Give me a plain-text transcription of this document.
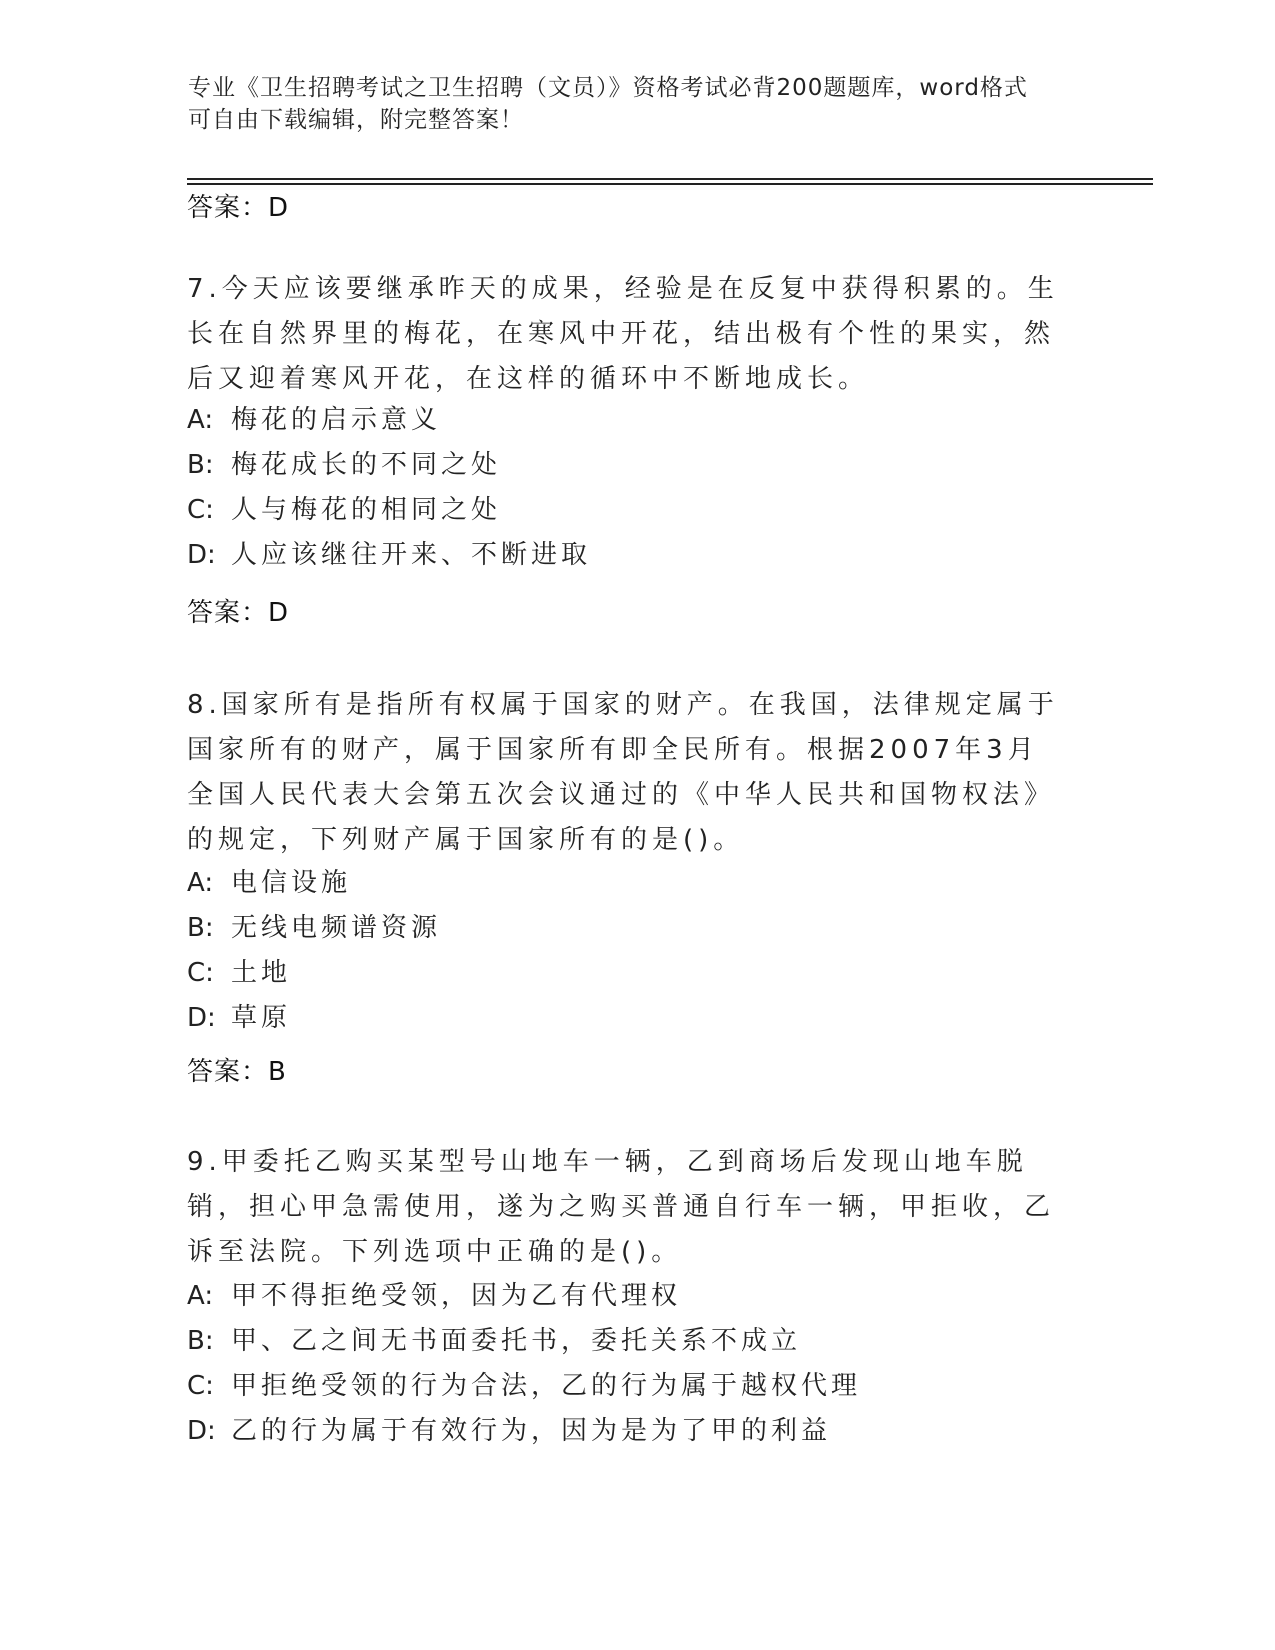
专业《卫生招聘考试之卫生招聘（文员）》资格考试必背200题题库，word格式
可自由下载编辑，附完整答案！
答案：D
7.今天应该要继承昨天的成果，经验是在反复中获得积累的。生长在自然界里的梅花，在寒风中开花，结出极有个性的果实，然后又迎着寒风开花，在这样的循环中不断地成长。
A: 梅花的启示意义
B: 梅花成长的不同之处
C: 人与梅花的相同之处
D: 人应该继往开来、不断进取
答案：D
8.国家所有是指所有权属于国家的财产。在我国，法律规定属于国家所有的财产，属于国家所有即全民所有。根据2007年3月全国人民代表大会第五次会议通过的《中华人民共和国物权法》的规定，下列财产属于国家所有的是()。
A: 电信设施
B: 无线电频谱资源
C: 土地
D: 草原
答案：B
9.甲委托乙购买某型号山地车一辆，乙到商场后发现山地车脱销，担心甲急需使用，遂为之购买普通自行车一辆，甲拒收，乙诉至法院。下列选项中正确的是()。
A: 甲不得拒绝受领，因为乙有代理权
B: 甲、乙之间无书面委托书，委托关系不成立
C: 甲拒绝受领的行为合法，乙的行为属于越权代理
D: 乙的行为属于有效行为，因为是为了甲的利益
